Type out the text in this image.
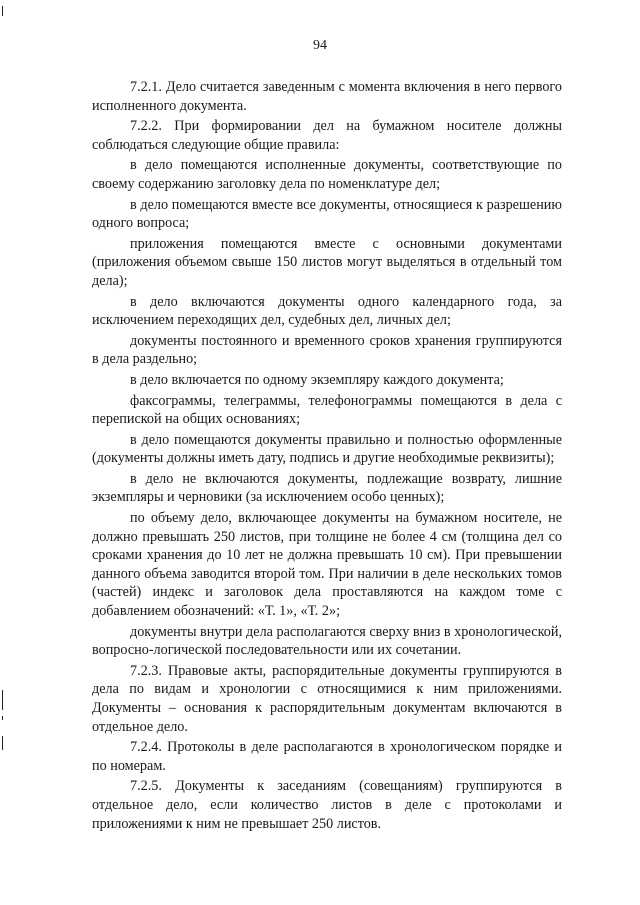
94

7.2.1. Дело считается заведенным с момента включения в него первого исполненного документа.

7.2.2. При формировании дел на бумажном носителе должны соблюдаться следующие общие правила:

в дело помещаются исполненные документы, соответствующие по своему содержанию заголовку дела по номенклатуре дел;

в дело помещаются вместе все документы, относящиеся к разрешению одного вопроса;

приложения помещаются вместе с основными документами (приложения объемом свыше 150 листов могут выделяться в отдельный том дела);

в дело включаются документы одного календарного года, за исключением переходящих дел, судебных дел, личных дел;

документы постоянного и временного сроков хранения группируются в дела раздельно;

в дело включается по одному экземпляру каждого документа;

факсограммы, телеграммы, телефонограммы помещаются в дела с перепиской на общих основаниях;

в дело помещаются документы правильно и полностью оформленные (документы должны иметь дату, подпись и другие необходимые реквизиты);

в дело не включаются документы, подлежащие возврату, лишние экземпляры и черновики (за исключением особо ценных);

по объему дело, включающее документы на бумажном носителе, не должно превышать 250 листов, при толщине не более 4 см (толщина дел со сроками хранения до 10 лет не должна превышать 10 см). При превышении данного объема заводится второй том. При наличии в деле нескольких томов (частей) индекс и заголовок дела проставляются на каждом томе с добавлением обозначений: «Т. 1», «Т. 2»;

документы внутри дела располагаются сверху вниз в хронологической, вопросно-логической последовательности или их сочетании.

7.2.3. Правовые акты, распорядительные документы группируются в дела по видам и хронологии с относящимися к ним приложениями. Документы – основания к распорядительным документам включаются в отдельное дело.

7.2.4. Протоколы в деле располагаются в хронологическом порядке и по номерам.

7.2.5. Документы к заседаниям (совещаниям) группируются в отдельное дело, если количество листов в деле с протоколами и приложениями к ним не превышает 250 листов.
